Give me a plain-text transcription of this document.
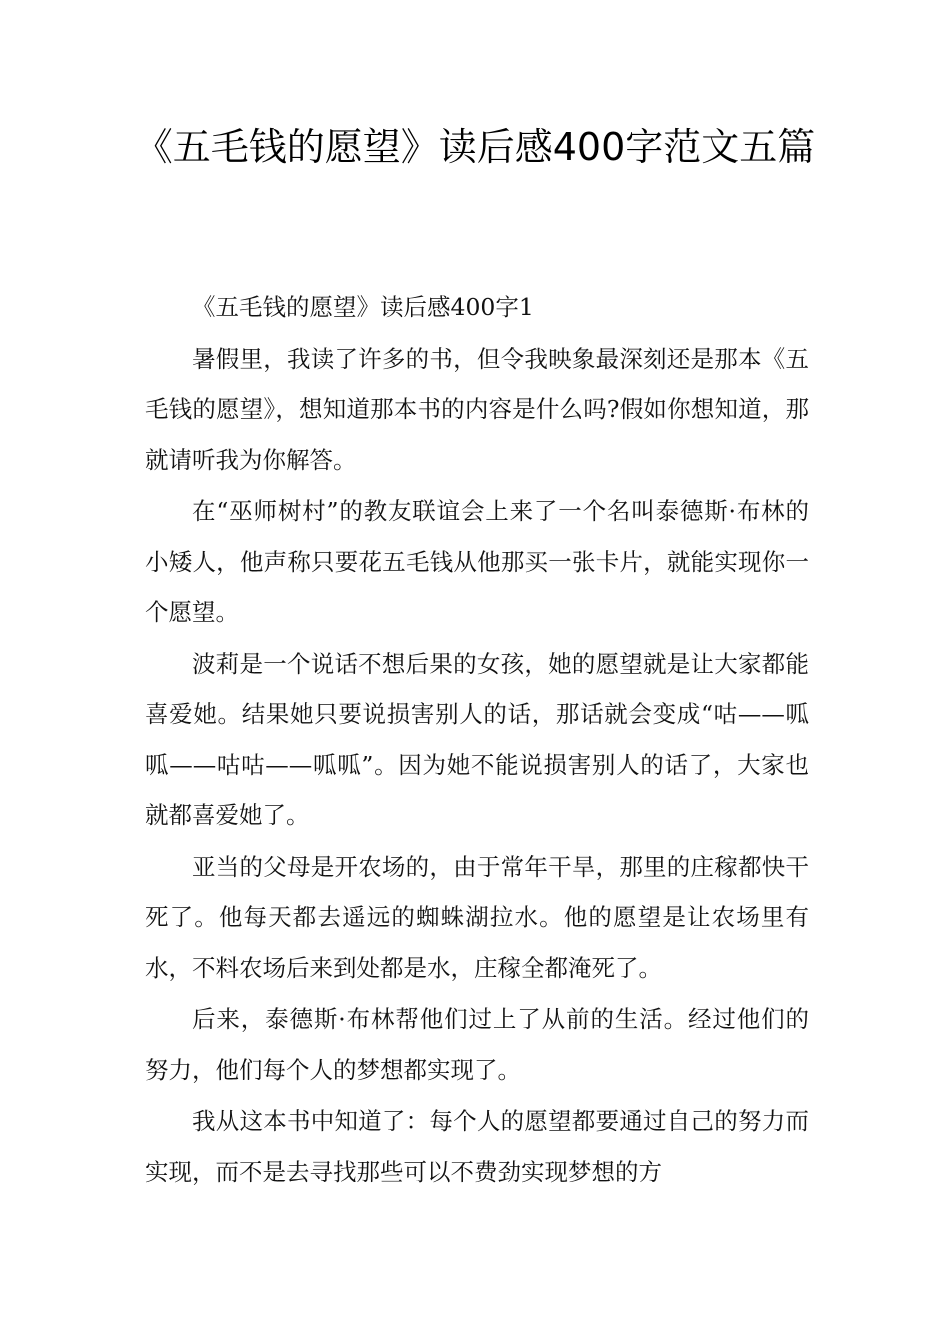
《五毛钱的愿望》读后感400字范文五篇

《五毛钱的愿望》读后感400字1

暑假里，我读了许多的书，但令我映象最深刻还是那本《五毛钱的愿望》，想知道那本书的内容是什么吗?假如你想知道，那就请听我为你解答。

在“巫师树村”的教友联谊会上来了一个名叫泰德斯·布林的小矮人，他声称只要花五毛钱从他那买一张卡片，就能实现你一个愿望。

波莉是一个说话不想后果的女孩，她的愿望就是让大家都能喜爱她。结果她只要说损害别人的话，那话就会变成“咕——呱呱——咕咕——呱呱”。因为她不能说损害别人的话了，大家也就都喜爱她了。

亚当的父母是开农场的，由于常年干旱，那里的庄稼都快干死了。他每天都去遥远的蜘蛛湖拉水。他的愿望是让农场里有水，不料农场后来到处都是水，庄稼全都淹死了。

后来，泰德斯·布林帮他们过上了从前的生活。经过他们的努力，他们每个人的梦想都实现了。

我从这本书中知道了：每个人的愿望都要通过自己的努力而实现，而不是去寻找那些可以不费劲实现梦想的方
